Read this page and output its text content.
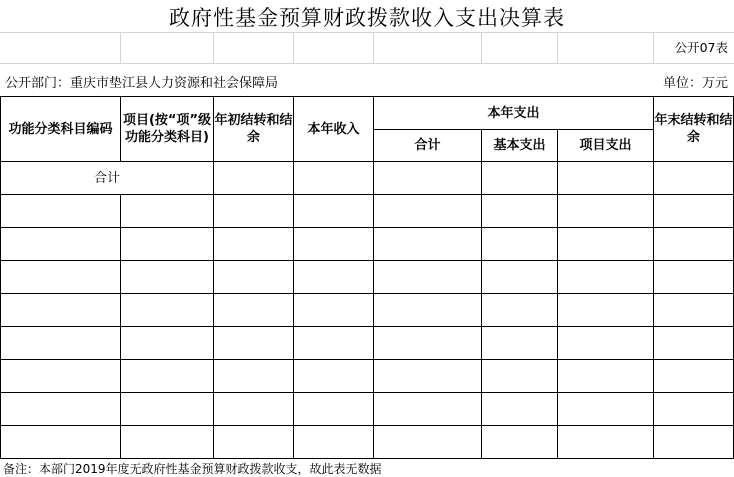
政府性基金预算财政拨款收入支出决算表
公开07表
公开部门：重庆市垫江县人力资源和社会保障局	单位：万元
功能分类科目编码	项目(按“项”级功能分类科目)	年初结转和结余	本年收入	本年支出			年末结转和结余
				合计	基本支出	项目支出	
合计							

备注：本部门2019年度无政府性基金预算财政拨款收支，故此表无数据
